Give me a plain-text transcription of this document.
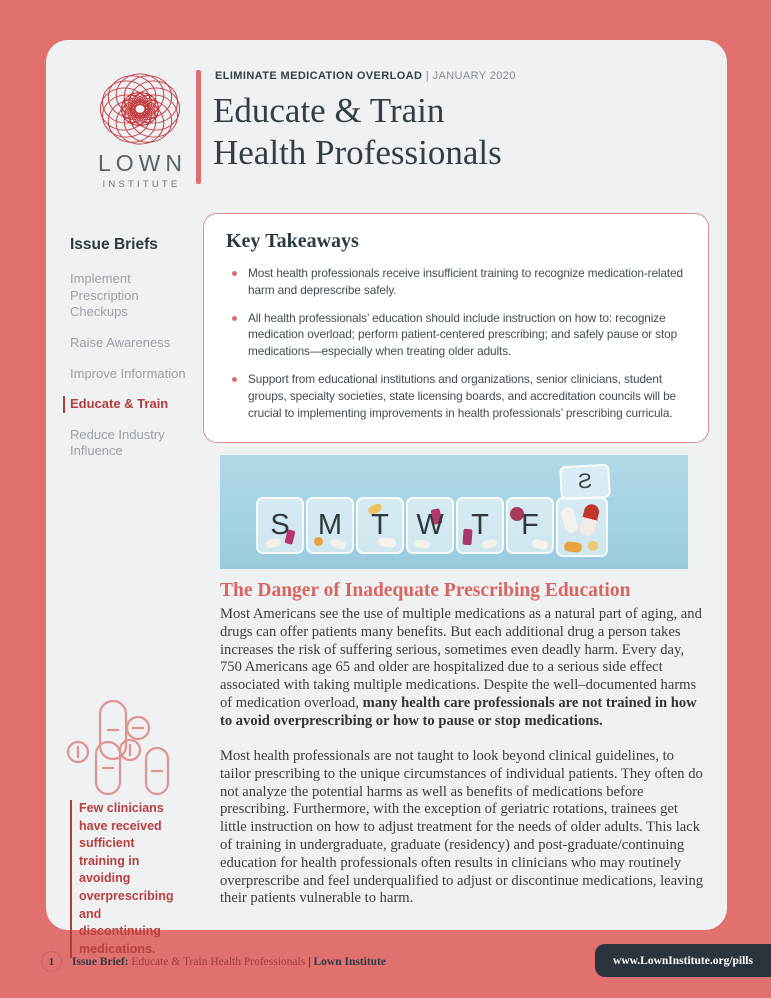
LOWN
INSTITUTE
ELIMINATE MEDICATION OVERLOAD | JANUARY 2020
Educate & Train
Health Professionals
Issue Briefs
Implement Prescription Checkups
Raise Awareness
Improve Information
Educate & Train
Reduce Industry Influence
Key Takeaways
Most health professionals receive insufficient training to recognize medication-related harm and deprescribe safely.
All health professionals’ education should include instruction on how to: recognize medication overload; perform patient-centered prescribing; and safely pause or stop medications—especially when treating older adults.
Support from educational institutions and organizations, senior clinicians, student groups, specialty societies, state licensing boards, and accreditation councils will be crucial to implementing improvements in health professionals’ prescribing curricula.
S M T W T F
S
The Danger of Inadequate Prescribing Education

Most Americans see the use of multiple medications as a natural part of aging, and drugs can offer patients many benefits. But each additional drug a person takes increases the risk of suffering serious, sometimes even deadly harm. Every day, 750 Americans age 65 and older are hospitalized due to a serious side effect associated with taking multiple medications. Despite the well–documented harms of medication overload, many health care professionals are not trained in how to avoid overprescribing or how to pause or stop medications.

Most health professionals are not taught to look beyond clinical guidelines, to tailor prescribing to the unique circumstances of individual patients. They often do not analyze the potential harms as well as benefits of medications before prescribing. Furthermore, with the exception of geriatric rotations, trainees get little instruction on how to adjust treatment for the needs of older adults. This lack of training in undergraduate, graduate (residency) and post-graduate/continuing education for health professionals often results in clinicians who may routinely overprescribe and feel underqualified to adjust or discontinue medications, leaving their patients vulnerable to harm.

Few clinicians have received sufficient training in avoiding overprescribing and discontinuing medications.
1	Issue Brief: Educate & Train Health Professionals | Lown Institute	www.LownInstitute.org/pills
